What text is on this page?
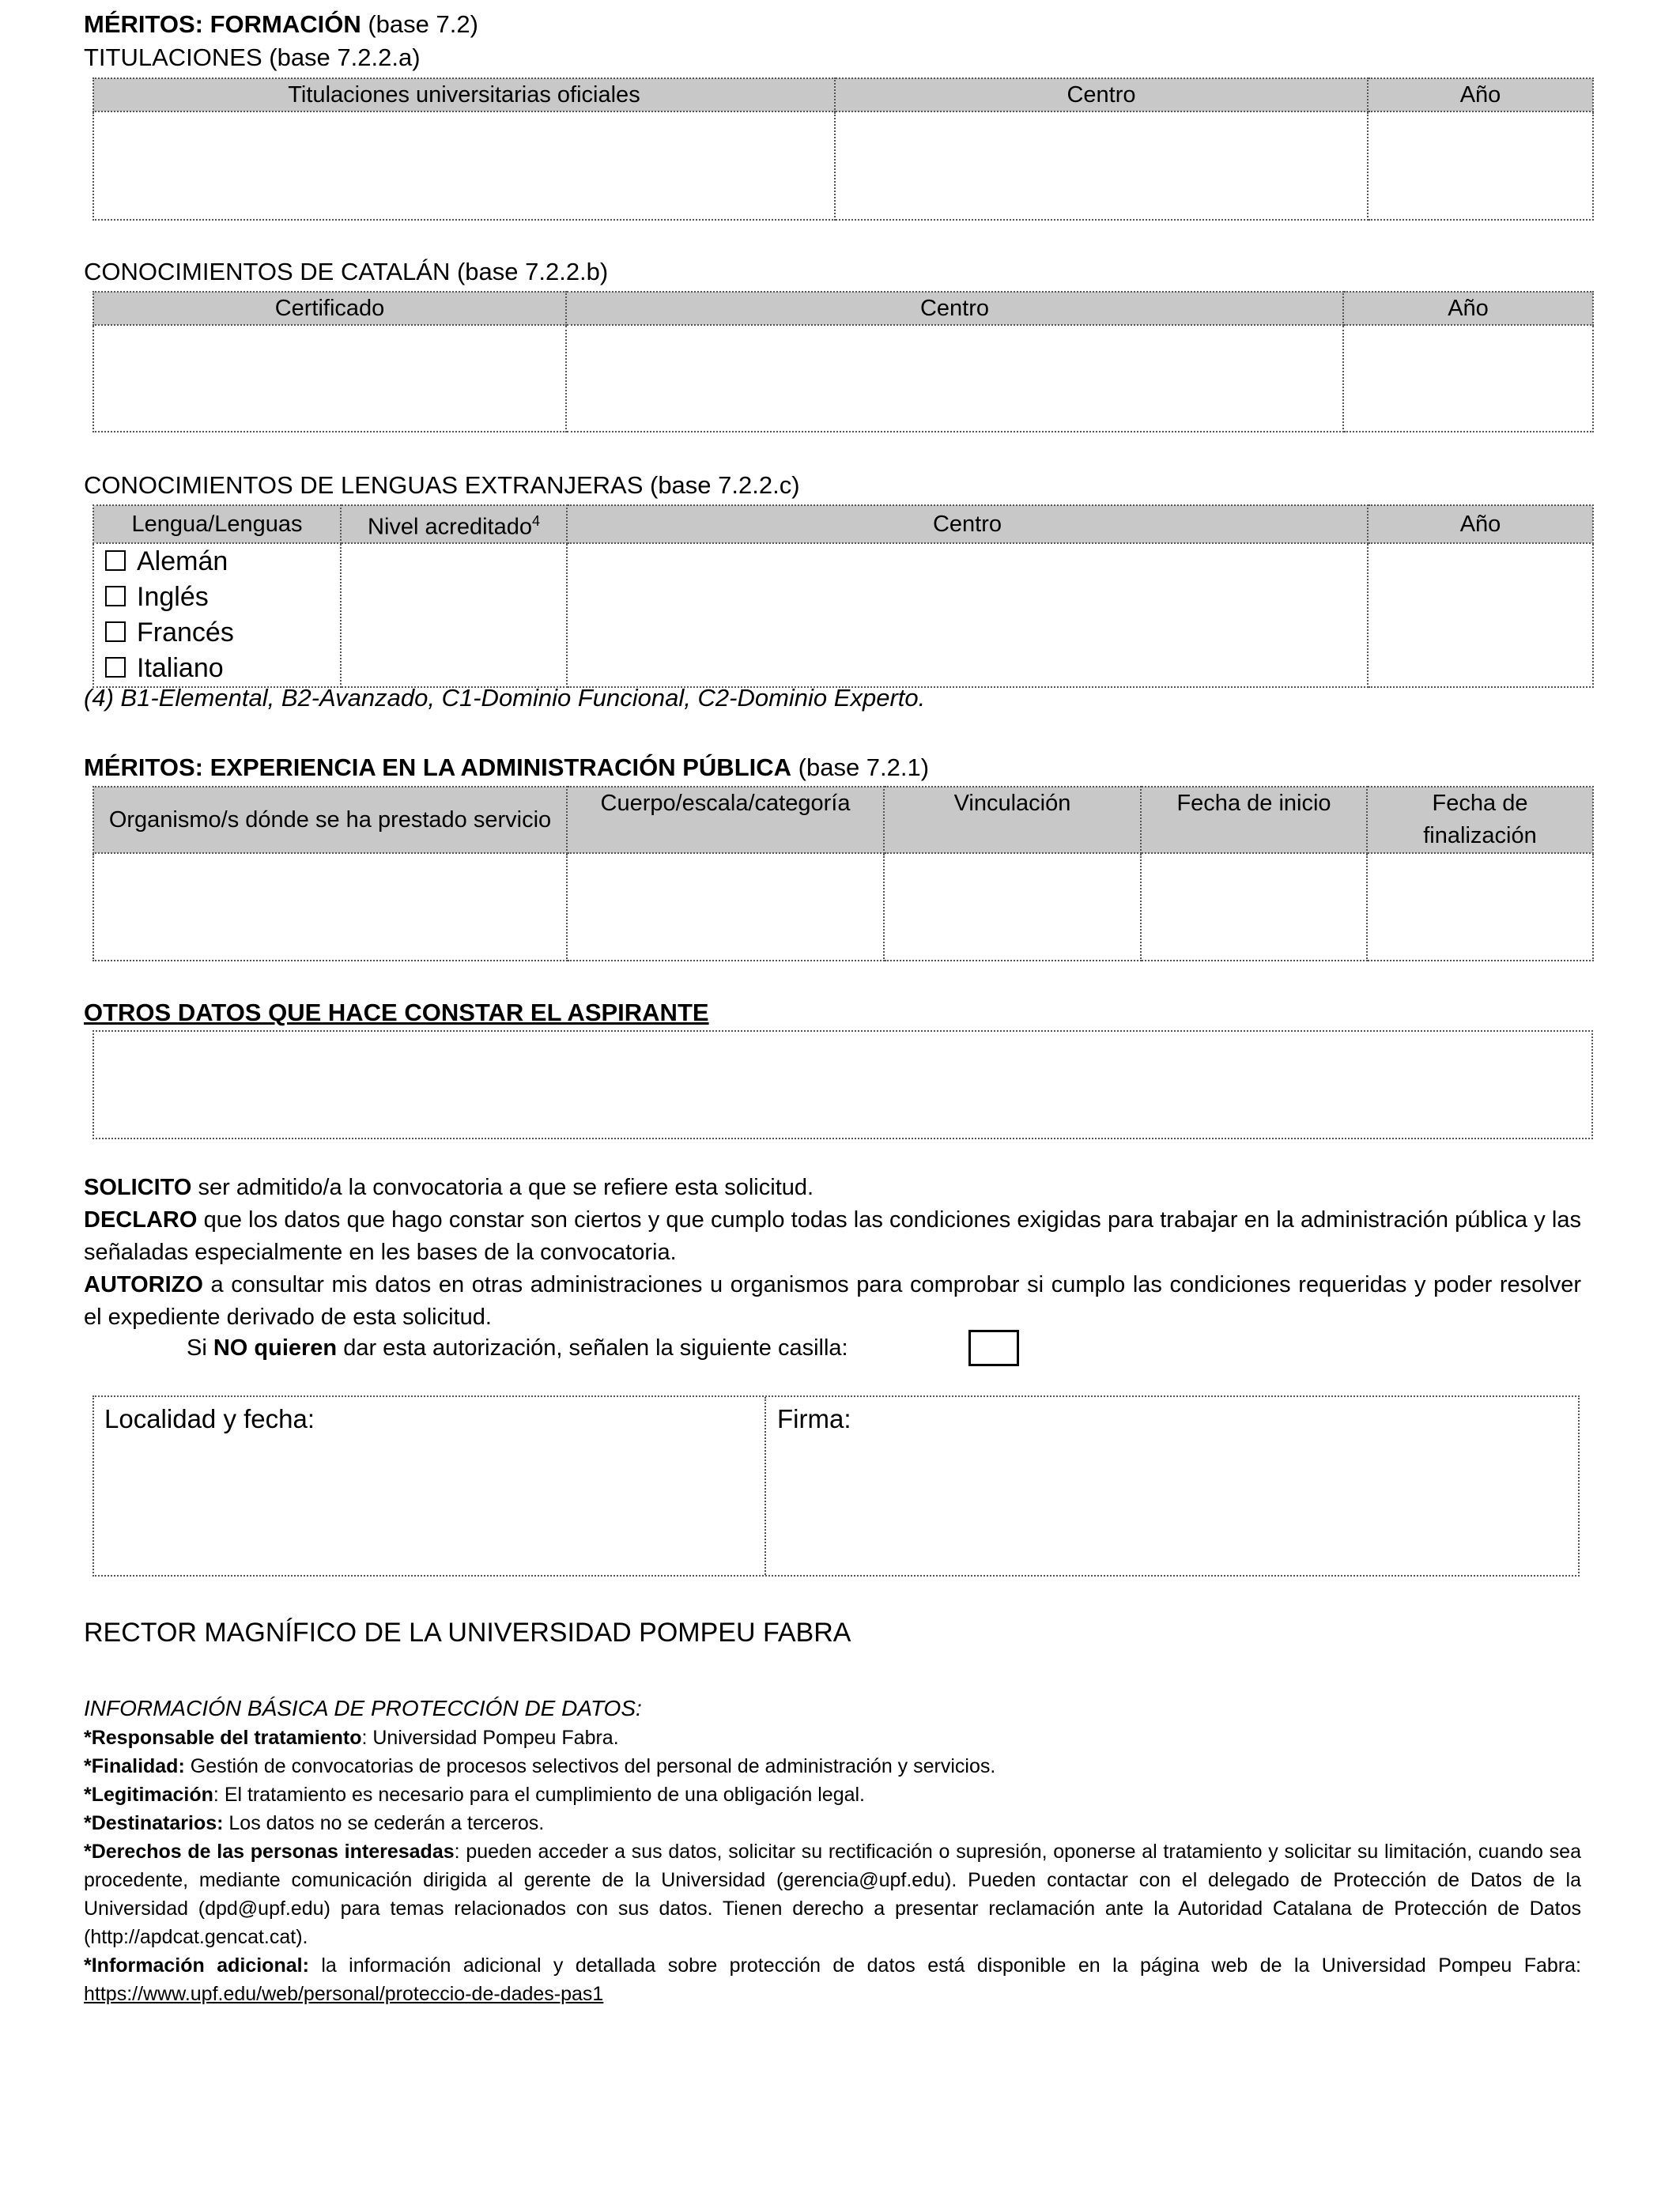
MÉRITOS: FORMACIÓN (base 7.2)
TITULACIONES (base 7.2.2.a)
Titulaciones universitarias oficiales	Centro	Año

CONOCIMIENTOS DE CATALÁN (base 7.2.2.b)
Certificado	Centro	Año

CONOCIMIENTOS DE LENGUAS EXTRANJERAS (base 7.2.2.c)
Lengua/Lenguas	Nivel acreditado$^4$	Centro	Año

Alemán
Inglés
Francés
Italiano			

(4) B1-Elemental, B2-Avanzado, C1-Dominio Funcional, C2-Dominio Experto.
MÉRITOS: EXPERIENCIA EN LA ADMINISTRACIÓN PÚBLICA (base 7.2.1)
Organismo/s dónde se ha prestado servicio	Cuerpo/escala/categoría	Vinculación	Fecha de inicio	Fecha de finalización

OTROS DATOS QUE HACE CONSTAR EL ASPIRANTE
SOLICITO ser admitido/a la convocatoria a que se refiere esta solicitud.
DECLARO que los datos que hago constar son ciertos y que cumplo todas las condiciones exigidas para trabajar en la administración pública y las señaladas especialmente en les bases de la convocatoria.
AUTORIZO a consultar mis datos en otras administraciones u organismos para comprobar si cumplo las condiciones requeridas y poder resolver el expediente derivado de esta solicitud.
Si NO quieren dar esta autorización, señalen la siguiente casilla:
Localidad y fecha:	Firma:
RECTOR MAGNÍFICO DE LA UNIVERSIDAD POMPEU FABRA
INFORMACIÓN BÁSICA DE PROTECCIÓN DE DATOS:
*Responsable del tratamiento: Universidad Pompeu Fabra.
*Finalidad: Gestión de convocatorias de procesos selectivos del personal de administración y servicios.
*Legitimación: El tratamiento es necesario para el cumplimiento de una obligación legal.
*Destinatarios: Los datos no se cederán a terceros.
*Derechos de las personas interesadas: pueden acceder a sus datos, solicitar su rectificación o supresión, oponerse al tratamiento y solicitar su limitación, cuando sea procedente, mediante comunicación dirigida al gerente de la Universidad (gerencia@upf.edu). Pueden contactar con el delegado de Protección de Datos de la Universidad (dpd@upf.edu) para temas relacionados con sus datos. Tienen derecho a presentar reclamación ante la Autoridad Catalana de Protección de Datos (http://apdcat.gencat.cat).
*Información adicional: la información adicional y detallada sobre protección de datos está disponible en la página web de la Universidad Pompeu Fabra: https://www.upf.edu/web/personal/proteccio-de-dades-pas1
